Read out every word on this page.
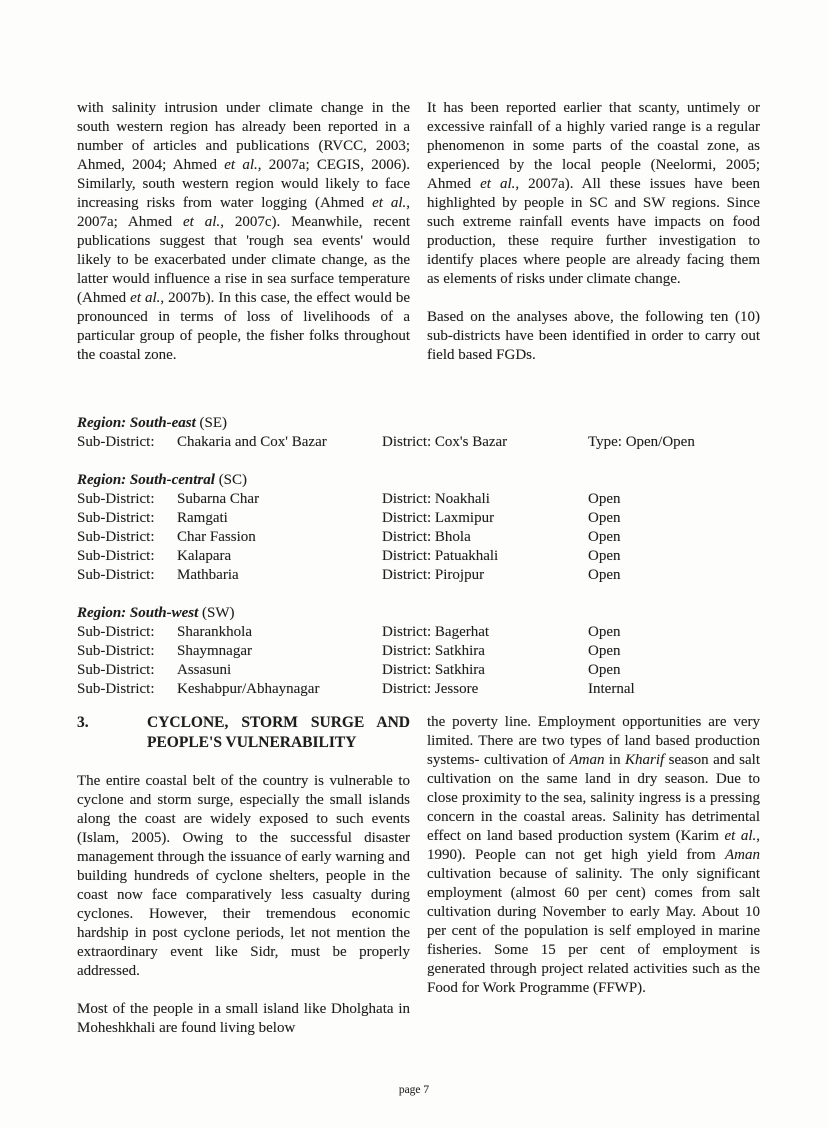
with salinity intrusion under climate change in the south western region has already been reported in a number of articles and publications (RVCC, 2003; Ahmed, 2004; Ahmed et al., 2007a; CEGIS, 2006). Similarly, south western region would likely to face increasing risks from water logging (Ahmed et al., 2007a; Ahmed et al., 2007c). Meanwhile, recent publications suggest that 'rough sea events' would likely to be exacerbated under climate change, as the latter would influence a rise in sea surface temperature (Ahmed et al., 2007b). In this case, the effect would be pronounced in terms of loss of livelihoods of a particular group of people, the fisher folks throughout the coastal zone.

It has been reported earlier that scanty, untimely or excessive rainfall of a highly varied range is a regular phenomenon in some parts of the coastal zone, as experienced by the local people (Neelormi, 2005; Ahmed et al., 2007a). All these issues have been highlighted by people in SC and SW regions. Since such extreme rainfall events have impacts on food production, these require further investigation to identify places where people are already facing them as elements of risks under climate change.

Based on the analyses above, the following ten (10) sub-districts have been identified in order to carry out field based FGDs.

Region: South-east (SE)
Sub-District:	Chakaria and Cox' Bazar	District: Cox's Bazar	Type: Open/Open
Region: South-central (SC)
Sub-District:	Subarna Char	District: Noakhali	Open
Sub-District:	Ramgati	District: Laxmipur	Open
Sub-District:	Char Fassion	District: Bhola	Open
Sub-District:	Kalapara	District: Patuakhali	Open
Sub-District:	Mathbaria	District: Pirojpur	Open
Region: South-west (SW)
Sub-District:	Sharankhola	District: Bagerhat	Open
Sub-District:	Shaymnagar	District: Satkhira	Open
Sub-District:	Assasuni	District: Satkhira	Open
Sub-District:	Keshabpur/Abhaynagar	District: Jessore	Internal
3.	CYCLONE, STORM SURGE AND
PEOPLE'S VULNERABILITY

The entire coastal belt of the country is vulnerable to cyclone and storm surge, especially the small islands along the coast are widely exposed to such events (Islam, 2005). Owing to the successful disaster management through the issuance of early warning and building hundreds of cyclone shelters, people in the coast now face comparatively less casualty during cyclones. However, their tremendous economic hardship in post cyclone periods, let not mention the extraordinary event like Sidr, must be properly addressed.

Most of the people in a small island like Dholghata in Moheshkhali are found living below

the poverty line. Employment opportunities are very limited. There are two types of land based production systems- cultivation of Aman in Kharif season and salt cultivation on the same land in dry season. Due to close proximity to the sea, salinity ingress is a pressing concern in the coastal areas. Salinity has detrimental effect on land based production system (Karim et al., 1990). People can not get high yield from Aman cultivation because of salinity. The only significant employment (almost 60 per cent) comes from salt cultivation during November to early May. About 10 per cent of the population is self employed in marine fisheries. Some 15 per cent of employment is generated through project related activities such as the Food for Work Programme (FFWP).

page 7
